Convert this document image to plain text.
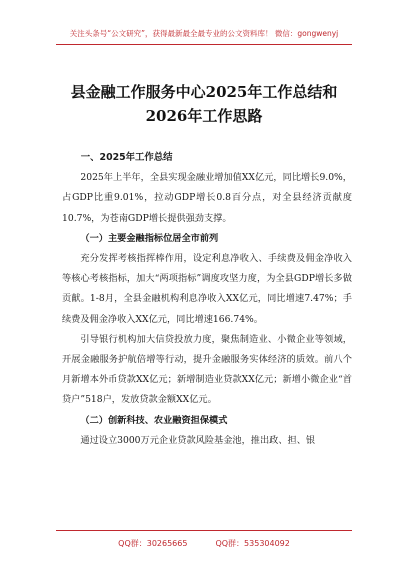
关注头条号“公文研究”，获得最新最全最专业的公文资料库！ 微信：gongwenyj
县金融工作服务中心2025年工作总结和
2026年工作思路
一、2025年工作总结

2025年上半年，全县实现金融业增加值XX亿元，同比增长9.0%，占GDP比重9.01%，拉动GDP增长0.8百分点，对全县经济贡献度10.7%，为苍南GDP增长提供强劲支撑。

（一）主要金融指标位居全市前列

充分发挥考核指挥棒作用，设定利息净收入、手续费及佣金净收入等核心考核指标，加大“两项指标”调度攻坚力度，为全县GDP增长多做贡献。1-8月，全县金融机构利息净收入XX亿元，同比增速7.47%；手续费及佣金净收入XX亿元，同比增速166.74%。

引导银行机构加大信贷投放力度，聚焦制造业、小微企业等领域，开展金融服务护航倍增等行动，提升金融服务实体经济的质效。前八个月新增本外币贷款XX亿元；新增制造业贷款XX亿元；新增小微企业“首贷户”518户，发放贷款金额XX亿元。

（二）创新科技、农业融资担保模式

通过设立3000万元企业贷款风险基金池，推出政、担、银

QQ群：30265665	QQ群：535304092
